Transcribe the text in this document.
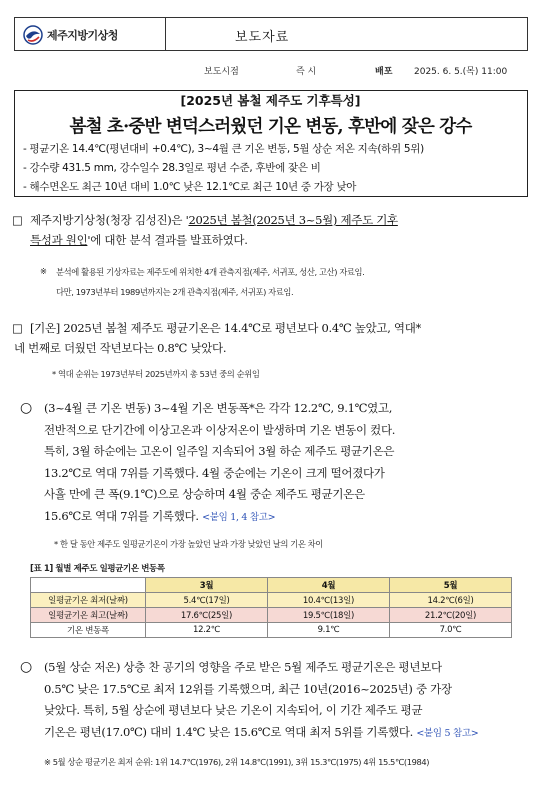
제주지방기상청	보도자료
보도시점	즉 시	배포 2025. 6. 5.(목) 11:00
[2025년 봄철 제주도 기후특성]
봄철 초·중반 변덕스러웠던 기온 변동, 후반에 잦은 강수
- 평균기온 14.4℃(평년대비 +0.4℃), 3~4월 큰 기온 변동, 5월 상순 저온 지속(하위 5위)
- 강수량 431.5 mm, 강수일수 28.3일로 평년 수준, 후반에 잦은 비
- 해수면온도 최근 10년 대비 1.0℃ 낮은 12.1℃로 최근 10년 중 가장 낮아
□ 제주지방기상청(청장 김성진)은 '2025년 봄철(2025년 3~5월) 제주도 기후
특성과 원인'에 대한 분석 결과를 발표하였다.
※ 분석에 활용된 기상자료는 제주도에 위치한 4개 관측지점(제주, 서귀포, 성산, 고산) 자료임.
다만, 1973년부터 1989년까지는 2개 관측지점(제주, 서귀포) 자료임.
□ [기온] 2025년 봄철 제주도 평균기온은 14.4℃로 평년보다 0.4℃ 높았고, 역대*
네 번째로 더웠던 작년보다는 0.8℃ 낮았다.
* 역대 순위는 1973년부터 2025년까지 총 53년 중의 순위임
○ (3~4월 큰 기온 변동) 3~4월 기온 변동폭*은 각각 12.2℃, 9.1℃였고,
전반적으로 단기간에 이상고온과 이상저온이 발생하며 기온 변동이 컸다.
특히, 3월 하순에는 고온이 일주일 지속되어 3월 하순 제주도 평균기온은
13.2℃로 역대 7위를 기록했다. 4월 중순에는 기온이 크게 떨어졌다가
사흘 만에 큰 폭(9.1℃)으로 상승하며 4월 중순 제주도 평균기온은
15.6℃로 역대 7위를 기록했다. <붙임 1, 4 참고>
* 한 달 동안 제주도 일평균기온이 가장 높았던 날과 가장 낮았던 날의 기온 차이
[표 1] 월별 제주도 일평균기온 변동폭
	3월	4월	5월
일평균기온 최저(날짜)	5.4℃(17일)	10.4℃(13일)	14.2℃(6일)
일평균기온 최고(날짜)	17.6℃(25일)	19.5℃(18일)	21.2℃(20일)
기온 변동폭	12.2℃	9.1℃	7.0℃
○ (5월 상순 저온) 상층 찬 공기의 영향을 주로 받은 5월 제주도 평균기온은 평년보다
0.5℃ 낮은 17.5℃로 최저 12위를 기록했으며, 최근 10년(2016~2025년) 중 가장
낮았다. 특히, 5월 상순에 평년보다 낮은 기온이 지속되어, 이 기간 제주도 평균
기온은 평년(17.0℃) 대비 1.4℃ 낮은 15.6℃로 역대 최저 5위를 기록했다. <붙임 5 참고>
※ 5월 상순 평균기온 최저 순위: 1위 14.7℃(1976), 2위 14.8℃(1991), 3위 15.3℃(1975) 4위 15.5℃(1984)
